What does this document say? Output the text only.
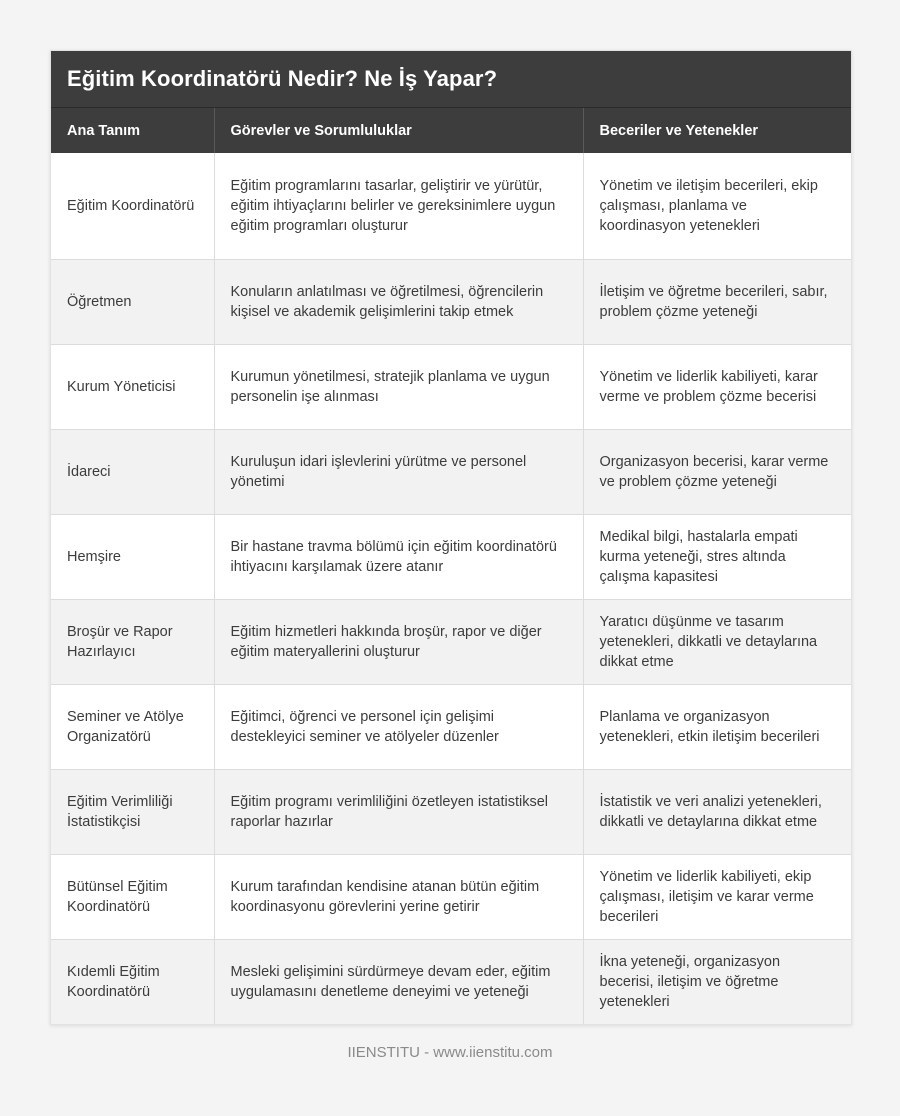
Eğitim Koordinatörü Nedir? Ne İş Yapar?
Ana Tanım	Görevler ve Sorumluluklar	Beceriler ve Yetenekler
Eğitim Koordinatörü	Eğitim programlarını tasarlar, geliştirir ve yürütür, eğitim ihtiyaçlarını belirler ve gereksinimlere uygun eğitim programları oluşturur	Yönetim ve iletişim becerileri, ekip çalışması, planlama ve koordinasyon yetenekleri
Öğretmen	Konuların anlatılması ve öğretilmesi, öğrencilerin kişisel ve akademik gelişimlerini takip etmek	İletişim ve öğretme becerileri, sabır, problem çözme yeteneği
Kurum Yöneticisi	Kurumun yönetilmesi, stratejik planlama ve uygun personelin işe alınması	Yönetim ve liderlik kabiliyeti, karar verme ve problem çözme becerisi
İdareci	Kuruluşun idari işlevlerini yürütme ve personel yönetimi	Organizasyon becerisi, karar verme ve problem çözme yeteneği
Hemşire	Bir hastane travma bölümü için eğitim koordinatörü ihtiyacını karşılamak üzere atanır	Medikal bilgi, hastalarla empati kurma yeteneği, stres altında çalışma kapasitesi
Broşür ve Rapor Hazırlayıcı	Eğitim hizmetleri hakkında broşür, rapor ve diğer eğitim materyallerini oluşturur	Yaratıcı düşünme ve tasarım yetenekleri, dikkatli ve detaylarına dikkat etme
Seminer ve Atölye Organizatörü	Eğitimci, öğrenci ve personel için gelişimi destekleyici seminer ve atölyeler düzenler	Planlama ve organizasyon yetenekleri, etkin iletişim becerileri
Eğitim Verimliliği İstatistikçisi	Eğitim programı verimliliğini özetleyen istatistiksel raporlar hazırlar	İstatistik ve veri analizi yetenekleri, dikkatli ve detaylarına dikkat etme
Bütünsel Eğitim Koordinatörü	Kurum tarafından kendisine atanan bütün eğitim koordinasyonu görevlerini yerine getirir	Yönetim ve liderlik kabiliyeti, ekip çalışması, iletişim ve karar verme becerileri
Kıdemli Eğitim Koordinatörü	Mesleki gelişimini sürdürmeye devam eder, eğitim uygulamasını denetleme deneyimi ve yeteneği	İkna yeteneği, organizasyon becerisi, iletişim ve öğretme yetenekleri
IIENSTITU - www.iienstitu.com
